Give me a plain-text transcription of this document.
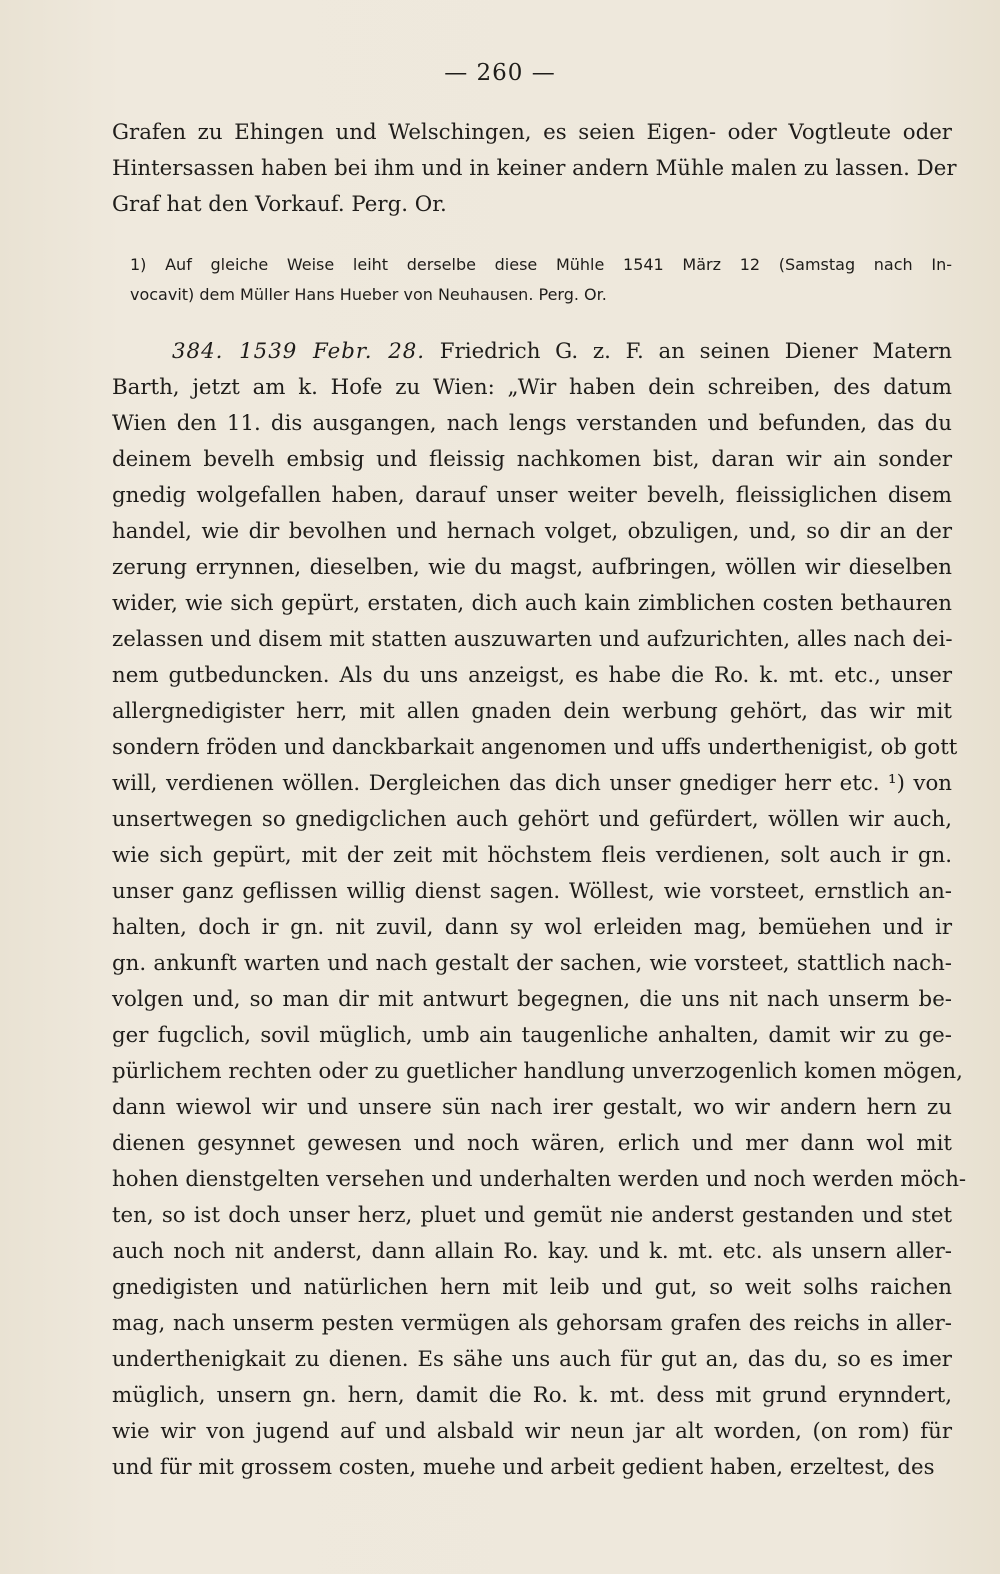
— 260 —
Grafen zu Ehingen und Welschingen, es seien Eigen- oder Vogtleute oder
Hintersassen haben bei ihm und in keiner andern Mühle malen zu lassen. Der
Graf hat den Vorkauf. Perg. Or.
1) Auf gleiche Weise leiht derselbe diese Mühle 1541 März 12 (Samstag nach In-
vocavit) dem Müller Hans Hueber von Neuhausen. Perg. Or.
384. 1539 Febr. 28. Friedrich G. z. F. an seinen Diener Matern
Barth, jetzt am k. Hofe zu Wien: „Wir haben dein schreiben, des datum
Wien den 11. dis ausgangen, nach lengs verstanden und befunden, das du
deinem bevelh embsig und fleissig nachkomen bist, daran wir ain sonder
gnedig wolgefallen haben, darauf unser weiter bevelh, fleissiglichen disem
handel, wie dir bevolhen und hernach volget, obzuligen, und, so dir an der
zerung errynnen, dieselben, wie du magst, aufbringen, wöllen wir dieselben
wider, wie sich gepürt, erstaten, dich auch kain zimblichen costen bethauren
zelassen und disem mit statten auszuwarten und aufzurichten, alles nach dei-
nem gutbeduncken. Als du uns anzeigst, es habe die Ro. k. mt. etc., unser
allergnedigister herr, mit allen gnaden dein werbung gehört, das wir mit
sondern fröden und danckbarkait angenomen und uffs underthenigist, ob gott
will, verdienen wöllen. Dergleichen das dich unser gnediger herr etc. ¹) von
unsertwegen so gnedigclichen auch gehört und gefürdert, wöllen wir auch,
wie sich gepürt, mit der zeit mit höchstem fleis verdienen, solt auch ir gn.
unser ganz geflissen willig dienst sagen. Wöllest, wie vorsteet, ernstlich an-
halten, doch ir gn. nit zuvil, dann sy wol erleiden mag, bemüehen und ir
gn. ankunft warten und nach gestalt der sachen, wie vorsteet, stattlich nach-
volgen und, so man dir mit antwurt begegnen, die uns nit nach unserm be-
ger fugclich, sovil müglich, umb ain taugenliche anhalten, damit wir zu ge-
pürlichem rechten oder zu guetlicher handlung unverzogenlich komen mögen,
dann wiewol wir und unsere sün nach irer gestalt, wo wir andern hern zu
dienen gesynnet gewesen und noch wären, erlich und mer dann wol mit
hohen dienstgelten versehen und underhalten werden und noch werden möch-
ten, so ist doch unser herz, pluet und gemüt nie anderst gestanden und stet
auch noch nit anderst, dann allain Ro. kay. und k. mt. etc. als unsern aller-
gnedigisten und natürlichen hern mit leib und gut, so weit solhs raichen
mag, nach unserm pesten vermügen als gehorsam grafen des reichs in aller-
underthenigkait zu dienen. Es sähe uns auch für gut an, das du, so es imer
müglich, unsern gn. hern, damit die Ro. k. mt. dess mit grund erynndert,
wie wir von jugend auf und alsbald wir neun jar alt worden, (on rom) für
und für mit grossem costen, muehe und arbeit gedient haben, erzeltest, des
